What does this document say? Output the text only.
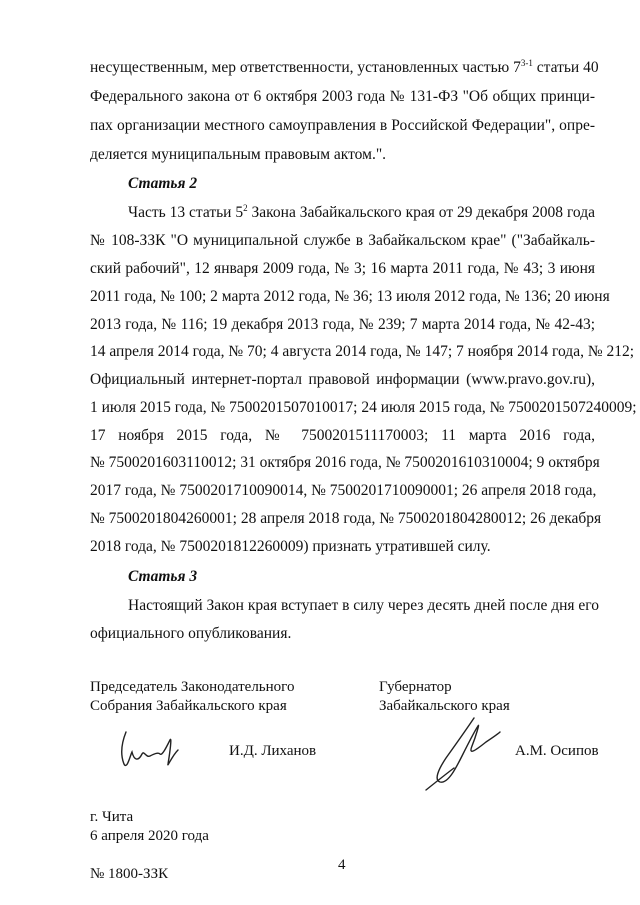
несущественным, мер ответственности, установленных частью 7$^{3-1}$ статьи 40
Федерального закона от 6 октября 2003 года № 131-ФЗ "Об общих принци-
пах организации местного самоуправления в Российской Федерации", опре-
деляется муниципальным правовым актом.".
Статья 2
Часть 13 статьи $5^2$ Закона Забайкальского края от 29 декабря 2008 года
№ 108-ЗЗК "О муниципальной службе в Забайкальском крае" ("Забайкаль-
ский рабочий", 12 января 2009 года, № 3; 16 марта 2011 года, № 43; 3 июня
2011 года, № 100; 2 марта 2012 года, № 36; 13 июля 2012 года, № 136; 20 июня
2013 года, № 116; 19 декабря 2013 года, № 239; 7 марта 2014 года, № 42-43;
14 апреля 2014 года, № 70; 4 августа 2014 года, № 147; 7 ноября 2014 года, № 212;
Официальный интернет-портал правовой информации (www.pravo.gov.ru),
1 июля 2015 года, № 7500201507010017; 24 июля 2015 года, № 7500201507240009;
17 ноября 2015 года, № 7500201511170003; 11 марта 2016 года,
№ 7500201603110012; 31 октября 2016 года, № 7500201610310004; 9 октября
2017 года, № 7500201710090014, № 7500201710090001; 26 апреля 2018 года,
№ 7500201804260001; 28 апреля 2018 года, № 7500201804280012; 26 декабря
2018 года, № 7500201812260009) признать утратившей силу.
Статья 3
Настоящий Закон края вступает в силу через десять дней после дня его
официального опубликования.
Председатель Законодательного
Собрания Забайкальского края
Губернатор
Забайкальского края
И.Д. Лиханов	А.М. Осипов
г. Чита
6 апреля 2020 года
№ 1800-ЗЗК
4
